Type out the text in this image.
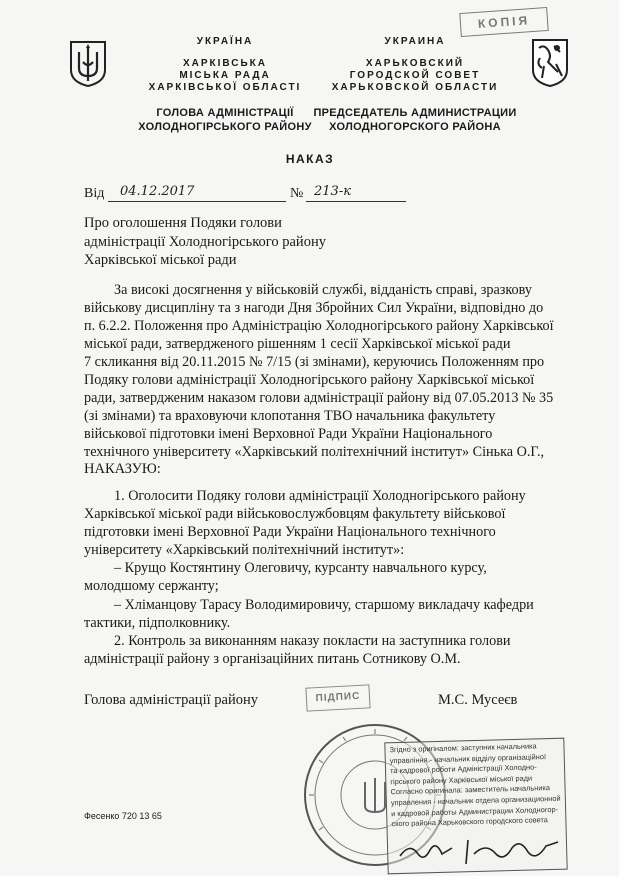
КОПІЯ
УКРАЇНА
ХАРКІВСЬКА
МІСЬКА РАДА
ХАРКІВСЬКОЇ ОБЛАСТІ
ГОЛОВА АДМІНІСТРАЦІЇ
ХОЛОДНОГІРСЬКОГО РАЙОНУ
УКРАИНА
ХАРЬКОВСКИЙ
ГОРОДСКОЙ СОВЕТ
ХАРЬКОВСКОЙ ОБЛАСТИ
ПРЕДСЕДАТЕЛЬ АДМИНИСТРАЦИИ
ХОЛОДНОГОРСКОГО РАЙОНА
НАКАЗ
Від 04.12.2017	№ 213-к
Про оголошення Подяки голови
адміністрації Холодногірського району
Харківської міської ради
За високі досягнення у військовій службі, відданість справі, зразкову
військову дисципліну та з нагоди Дня Збройних Сил України, відповідно до
п. 6.2.2. Положення про Адміністрацію Холодногірського району Харківської
міської ради, затвердженого рішенням 1 сесії Харківської міської ради
7 скликання від 20.11.2015 № 7/15 (зі змінами), керуючись Положенням про
Подяку голови адміністрації Холодногірського району Харківської міської
ради, затвердженим наказом голови адміністрації району від 07.05.2013 № 35
(зі змінами) та враховуючи клопотання ТВО начальника факультету
військової підготовки імені Верховної Ради України Національного
технічного університету «Харківський політехнічний інститут» Сінька О.Г.,
НАКАЗУЮ:
1. Оголосити Подяку голови адміністрації Холодногірського району
Харківської міської ради військовослужбовцям факультету військової
підготовки імені Верховної Ради України Національного технічного
університету «Харківський політехнічний інститут»:
– Крущо Костянтину Олеговичу, курсанту навчального курсу,
молодшому сержанту;
– Хліманцову Тарасу Володимировичу, старшому викладачу кафедри
тактики, підполковнику.
2. Контроль за виконанням наказу покласти на заступника голови
адміністрації району з організаційних питань Сотникову О.М.
Голова адміністрації району	ПІДПИС	М.С. Мусеєв
Згідно з оригіналом: заступник начальника
управління - начальник відділу організаційної
та кадрової роботи Адміністрації Холодно-
гірського району Харківської міської ради
Согласно оригинала: заместитель начальника
управления - начальник отдела организационной
и кадровой работы Администрации Холодногор-
ского района Харьковского городского совета
Фесенко 720 13 65
